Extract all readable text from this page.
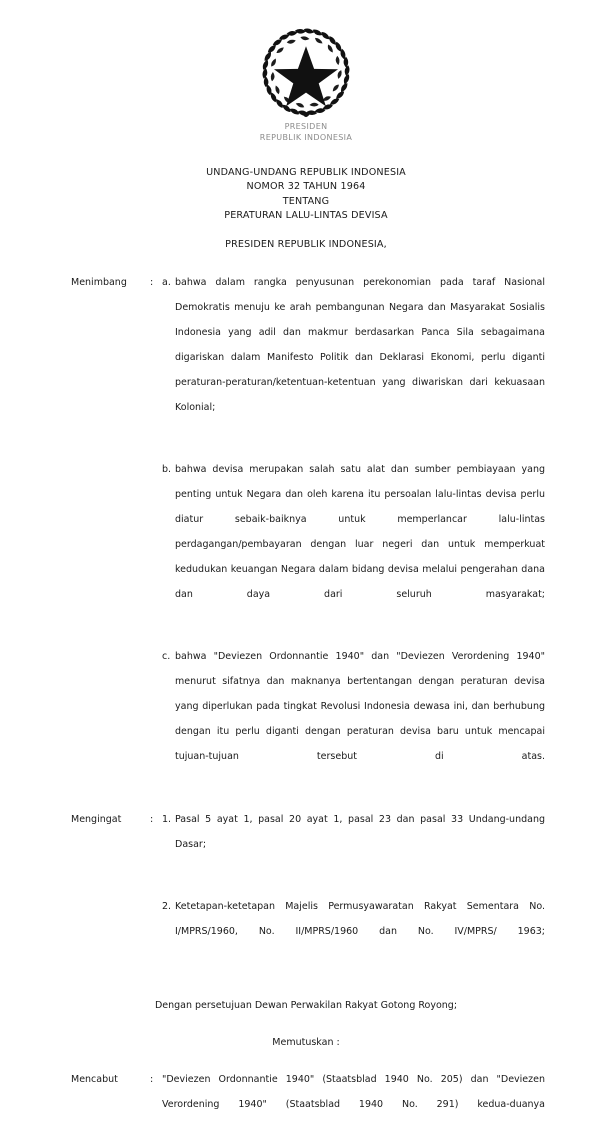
PRESIDEN
REPUBLIK INDONESIA
UNDANG-UNDANG REPUBLIK INDONESIA
NOMOR 32 TAHUN 1964
TENTANG
PERATURAN LALU-LINTAS DEVISA
PRESIDEN REPUBLIK INDONESIA,
Menimbang	: a. bahwa dalam rangka penyusunan perekonomian pada taraf Nasional Demokratis menuju ke arah pembangunan Negara dan Masyarakat Sosialis Indonesia yang adil dan makmur berdasarkan Panca Sila sebagaimana digariskan dalam Manifesto Politik dan Deklarasi Ekonomi, perlu diganti peraturan-peraturan/ketentuan-ketentuan yang diwariskan dari kekuasaan Kolonial;
b. bahwa devisa merupakan salah satu alat dan sumber pembiayaan yang penting untuk Negara dan oleh karena itu persoalan lalu-lintas devisa perlu diatur sebaik-baiknya untuk memperlancar lalu-lintas perdagangan/pembayaran dengan luar negeri dan untuk memperkuat kedudukan keuangan Negara dalam bidang devisa melalui pengerahan dana dan daya dari seluruh masyarakat;
c. bahwa "Deviezen Ordonnantie 1940" dan "Deviezen Verordening 1940" menurut sifatnya dan maknanya bertentangan dengan peraturan devisa yang diperlukan pada tingkat Revolusi Indonesia dewasa ini, dan berhubung dengan itu perlu diganti dengan peraturan devisa baru untuk mencapai tujuan-tujuan tersebut di atas.
Mengingat	: 1. Pasal 5 ayat 1, pasal 20 ayat 1, pasal 23 dan pasal 33 Undang-undang Dasar;
2. Ketetapan-ketetapan Majelis Permusyawaratan Rakyat Sementara No. I/MPRS/1960, No. II/MPRS/1960 dan No. IV/MPRS/ 1963;
Dengan persetujuan Dewan Perwakilan Rakyat Gotong Royong;
Memutuskan :
Mencabut	: "Deviezen Ordonnantie 1940" (Staatsblad 1940 No. 205) dan "Deviezen Verordening 1940" (Staatsblad 1940 No. 291) kedua-duanya
